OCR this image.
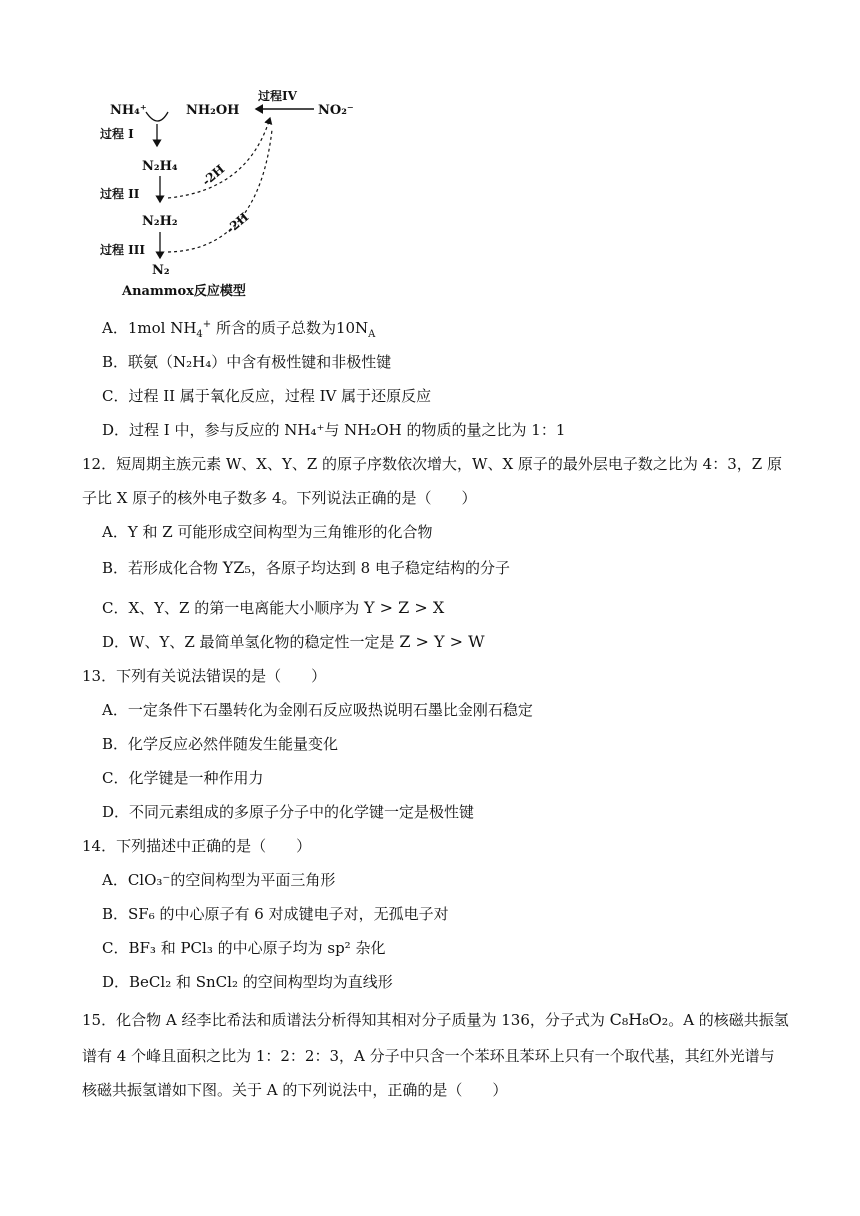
NH₄⁺	NH₂OH	NO₂⁻
过程IV
过程 I
N₂H₄
过程 II
N₂H₂
过程 III
N₂
-2H
-2H
Anammox反应模型
A．1mol $NH_4^+$ 所含的质子总数为$10N_A$
B．联氨（N₂H₄）中含有极性键和非极性键
C．过程 II 属于氧化反应，过程 IV 属于还原反应
D．过程 I 中，参与反应的 NH₄⁺与 NH₂OH 的物质的量之比为 1：1
12．短周期主族元素 W、X、Y、Z 的原子序数依次增大，W、X 原子的最外层电子数之比为 4：3，Z 原
子比 X 原子的核外电子数多 4。下列说法正确的是（　　）
A．Y 和 Z 可能形成空间构型为三角锥形的化合物
B．若形成化合物 YZ₅，各原子均达到 8 电子稳定结构的分子
C．X、Y、Z 的第一电离能大小顺序为 Y > Z > X
D．W、Y、Z 最简单氢化物的稳定性一定是 Z > Y > W
13．下列有关说法错误的是（　　）
A．一定条件下石墨转化为金刚石反应吸热说明石墨比金刚石稳定
B．化学反应必然伴随发生能量变化
C．化学键是一种作用力
D．不同元素组成的多原子分子中的化学键一定是极性键
14．下列描述中正确的是（　　）
A．ClO₃⁻的空间构型为平面三角形
B．SF₆ 的中心原子有 6 对成键电子对，无孤电子对
C．BF₃ 和 PCl₃ 的中心原子均为 sp² 杂化
D．BeCl₂ 和 SnCl₂ 的空间构型均为直线形
15．化合物 A 经李比希法和质谱法分析得知其相对分子质量为 136，分子式为 C₈H₈O₂。A 的核磁共振氢
谱有 4 个峰且面积之比为 1：2：2：3，A 分子中只含一个苯环且苯环上只有一个取代基，其红外光谱与
核磁共振氢谱如下图。关于 A 的下列说法中，正确的是（　　）
